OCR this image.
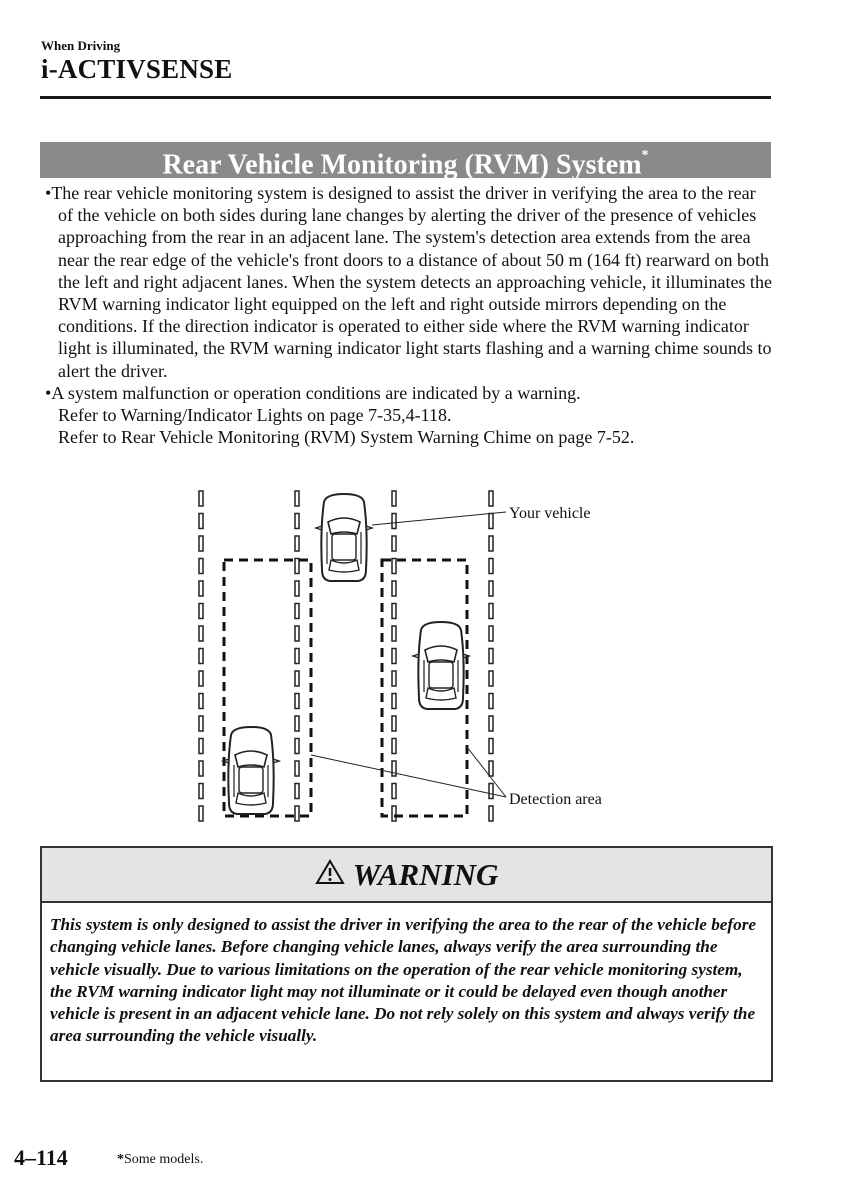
When Driving
i-ACTIVSENSE
Rear Vehicle Monitoring (RVM) System*

•The rear vehicle monitoring system is designed to assist the driver in verifying the area to the rear of the vehicle on both sides during lane changes by alerting the driver of the presence of vehicles approaching from the rear in an adjacent lane. The system's detection area extends from the area near the rear edge of the vehicle's front doors to a distance of about 50 m (164 ft) rearward on both the left and right adjacent lanes. When the system detects an approaching vehicle, it illuminates the RVM warning indicator light equipped on the left and right outside mirrors depending on the conditions. If the direction indicator is operated to either side where the RVM warning indicator light is illuminated, the RVM warning indicator light starts flashing and a warning chime sounds to alert the driver.

•A system malfunction or operation conditions are indicated by a warning.

Refer to Warning/Indicator Lights on page 7-35,4-118.

Refer to Rear Vehicle Monitoring (RVM) System Warning Chime on page 7-52.

Your vehicle
Detection area
WARNING
This system is only designed to assist the driver in verifying the area to the rear of the vehicle before changing vehicle lanes. Before changing vehicle lanes, always verify the area surrounding the vehicle visually. Due to various limitations on the operation of the rear vehicle monitoring system, the RVM warning indicator light may not illuminate or it could be delayed even though another vehicle is present in an adjacent vehicle lane. Do not rely solely on this system and always verify the area surrounding the vehicle visually.
4–114	*Some models.
